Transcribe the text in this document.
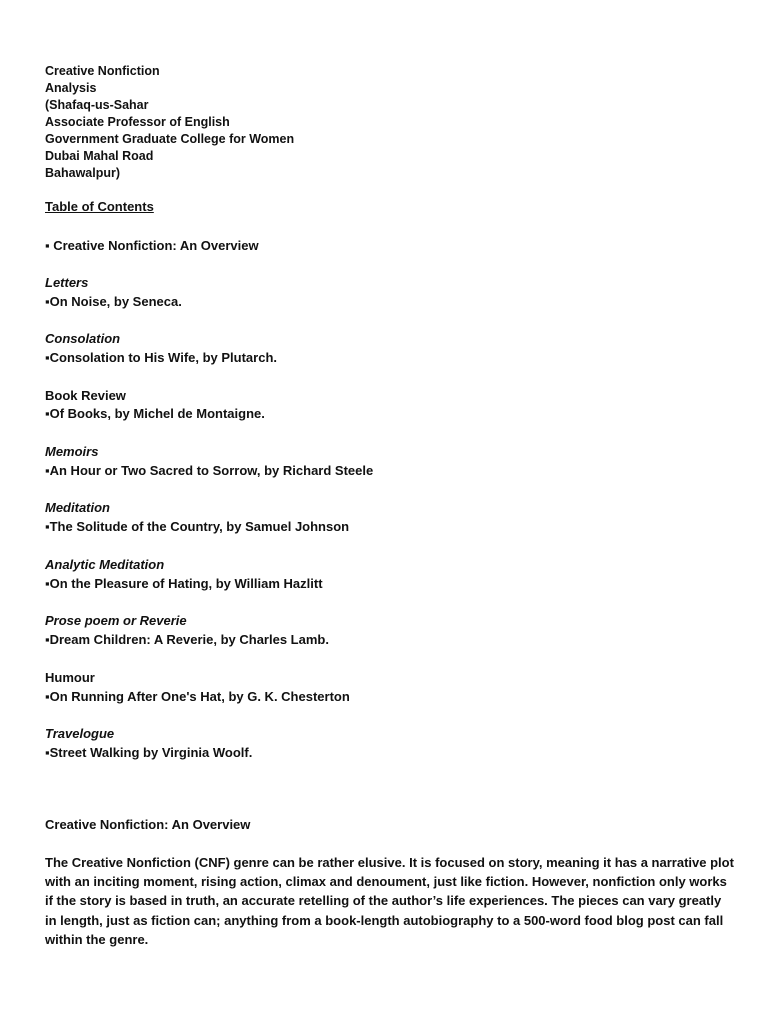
Creative Nonfiction
Analysis
(Shafaq-us-Sahar
Associate Professor of English
Government Graduate College for Women
Dubai Mahal Road
Bahawalpur)
Table of Contents
▪ Creative Nonfiction: An Overview
Letters
▪On Noise, by Seneca.
Consolation
▪Consolation to His Wife, by Plutarch.
Book Review
▪Of Books, by Michel de Montaigne.
Memoirs
▪An Hour or Two Sacred to Sorrow, by Richard Steele
Meditation
▪The Solitude of the Country, by Samuel Johnson
Analytic Meditation
▪On the Pleasure of Hating, by William Hazlitt
Prose poem or Reverie
▪Dream Children: A Reverie, by Charles Lamb.
Humour
▪On Running After One's Hat, by G. K. Chesterton
Travelogue
▪Street Walking by Virginia Woolf.
Creative Nonfiction: An Overview

The Creative Nonfiction (CNF) genre can be rather elusive. It is focused on story, meaning it has a narrative plot with an inciting moment, rising action, climax and denoument, just like fiction. However, nonfiction only works if the story is based in truth, an accurate retelling of the author’s life experiences. The pieces can vary greatly in length, just as fiction can; anything from a book-length autobiography to a 500-word food blog post can fall within the genre.
